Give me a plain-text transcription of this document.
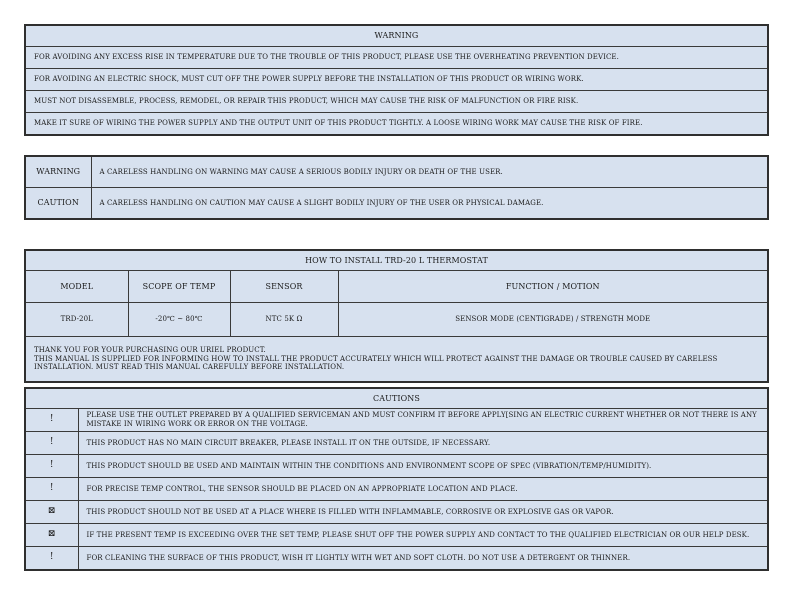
WARNING
FOR AVOIDING ANY EXCESS RISE IN TEMPERATURE DUE TO THE TROUBLE OF THIS PRODUCT, PLEASE USE THE OVERHEATING PREVENTION DEVICE.
FOR AVOIDING AN ELECTRIC SHOCK, MUST CUT OFF THE POWER SUPPLY BEFORE THE INSTALLATION OF THIS PRODUCT OR WIRING WORK.
MUST NOT DISASSEMBLE, PROCESS, REMODEL, OR REPAIR THIS PRODUCT, WHICH MAY CAUSE THE RISK OF MALFUNCTION OR FIRE RISK.
MAKE IT SURE OF WIRING THE POWER SUPPLY AND THE OUTPUT UNIT OF THIS PRODUCT TIGHTLY. A LOOSE WIRING WORK MAY CAUSE THE RISK OF FIRE.
WARNING	A CARELESS HANDLING ON WARNING MAY CAUSE A SERIOUS BODILY INJURY OR DEATH OF THE USER.
CAUTION	A CARELESS HANDLING ON CAUTION MAY CAUSE A SLIGHT BODILY INJURY OF THE USER OR PHYSICAL DAMAGE.
HOW TO INSTALL TRD-20 L THERMOSTAT			
MODEL	SCOPE OF TEMP	SENSOR	FUNCTION / MOTION
TRD-20L	-20℃ ~ 80℃	NTC 5K Ω	SENSOR MODE (CENTIGRADE) / STRENGTH MODE

THANK YOU FOR YOUR PURCHASING OUR URIEL PRODUCT.
THIS MANUAL IS SUPPLIED FOR INFORMING HOW TO INSTALL THE PRODUCT ACCURATELY WHICH WILL PROTECT AGAINST THE DAMAGE OR TROUBLE CAUSED BY CARELESS INSTALLATION. MUST READ THIS MANUAL CAREFULLY BEFORE INSTALLATION.			
CAUTIONS	
!	PLEASE USE THE OUTLET PREPARED BY A QUALIFIED SERVICEMAN AND MUST CONFIRM IT BEFORE APPLY[SING AN ELECTRIC CURRENT WHETHER OR NOT THERE IS ANY MISTAKE IN WIRING WORK OR ERROR ON THE VOLTAGE.
!	THIS PRODUCT HAS NO MAIN CIRCUIT BREAKER, PLEASE INSTALL IT ON THE OUTSIDE, IF NECESSARY.
!	THIS PRODUCT SHOULD BE USED AND MAINTAIN WITHIN THE CONDITIONS AND ENVIRONMENT SCOPE OF SPEC (VIBRATION/TEMP/HUMIDITY).
!	FOR PRECISE TEMP CONTROL, THE SENSOR SHOULD BE PLACED ON AN APPROPRIATE LOCATION AND PLACE.
⊠	THIS PRODUCT SHOULD NOT BE USED AT A PLACE WHERE IS FILLED WITH INFLAMMABLE, CORROSIVE OR EXPLOSIVE GAS OR VAPOR.
⊠	IF THE PRESENT TEMP IS EXCEEDING OVER THE SET TEMP, PLEASE SHUT OFF THE POWER SUPPLY AND CONTACT TO THE QUALIFIED ELECTRICIAN OR OUR HELP DESK.
!	FOR CLEANING THE SURFACE OF THIS PRODUCT, WISH IT LIGHTLY WITH WET AND SOFT CLOTH. DO NOT USE A DETERGENT OR THINNER.
